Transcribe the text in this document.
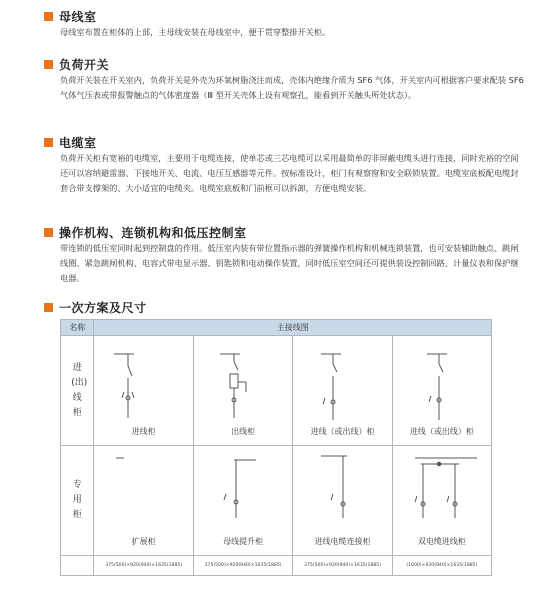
母线室
母线室布置在柜体的上部，主母线安装在母线室中，便于贯穿整排开关柜。
负荷开关
负荷开关装在开关室内，负荷开关是外壳为环氧树脂浇注而成，壳体内绝缘介质为 SF6 气体，开关室内可根据客户要求配装 SF6 气体气压表或带报警触点的气体密度器（Ⅲ 型开关壳体上设有观察孔，能看到开关触头所处状态）。
电缆室
负荷开关柜有宽裕的电缆室，主要用于电缆连接，使单芯或三芯电缆可以采用最简单的非屏蔽电缆头进行连接，同时充裕的空间还可以容纳避雷器、下接地开关、电流、电压互感器等元件。按标准设计，柜门有观察窗和安全联锁装置。电缆室底板配电缆封套合带支撑架的、大小适宜的电缆夹。电缆室底板和门前框可以拆卸，方便电缆安装。
操作机构、连锁机构和低压控制室
带连锁的低压室同时起到控制盘的作用。低压室内装有带位置指示器的弹簧操作机构和机械连锁装置，也可安装辅助触点、跳闸线圈、紧急跳闸机构、电容式带电显示器、钥匙锁和电动操作装置，同时低压室空间还可提供装设控制回路、计量仪表和保护继电器。
一次方案及尺寸
名称	主接线图			

进(出)线柜	进线柜	出线柜	进线（或出线）柜	进线（或出线）柜

专用柜	扩展柜	母线提升柜	进线电缆连接柜	双电缆进线柜

	375(500)×920(940)×1635(1885)	375(500)×920(940)×1635(1885)	375(500)×920(940)×1635(1885)	(1000)×920(940)×1635(1885)
